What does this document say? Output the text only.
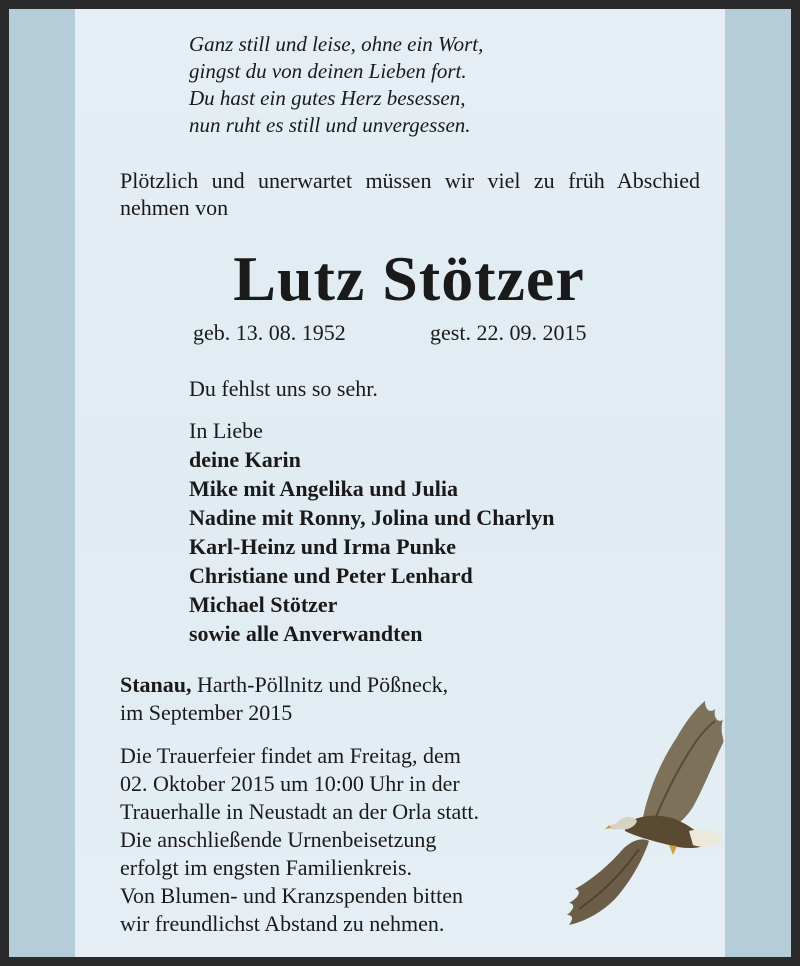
Ganz still und leise, ohne ein Wort,
gingst du von deinen Lieben fort.
Du hast ein gutes Herz besessen,
nun ruht es still und unvergessen.
Plötzlich und unerwartet müssen wir viel zu früh Abschied nehmen von
Lutz Stötzer
geb. 13. 08. 1952	gest. 22. 09. 2015
Du fehlst uns so sehr.
In Liebe
deine Karin
Mike mit Angelika und Julia
Nadine mit Ronny, Jolina und Charlyn
Karl-Heinz und Irma Punke
Christiane und Peter Lenhard
Michael Stötzer
sowie alle Anverwandten
Stanau, Harth-Pöllnitz und Pößneck,
im September 2015
Die Trauerfeier findet am Freitag, dem
02. Oktober 2015 um 10:00 Uhr in der
Trauerhalle in Neustadt an der Orla statt.
Die anschließende Urnenbeisetzung
erfolgt im engsten Familienkreis.
Von Blumen- und Kranzspenden bitten
wir freundlichst Abstand zu nehmen.
